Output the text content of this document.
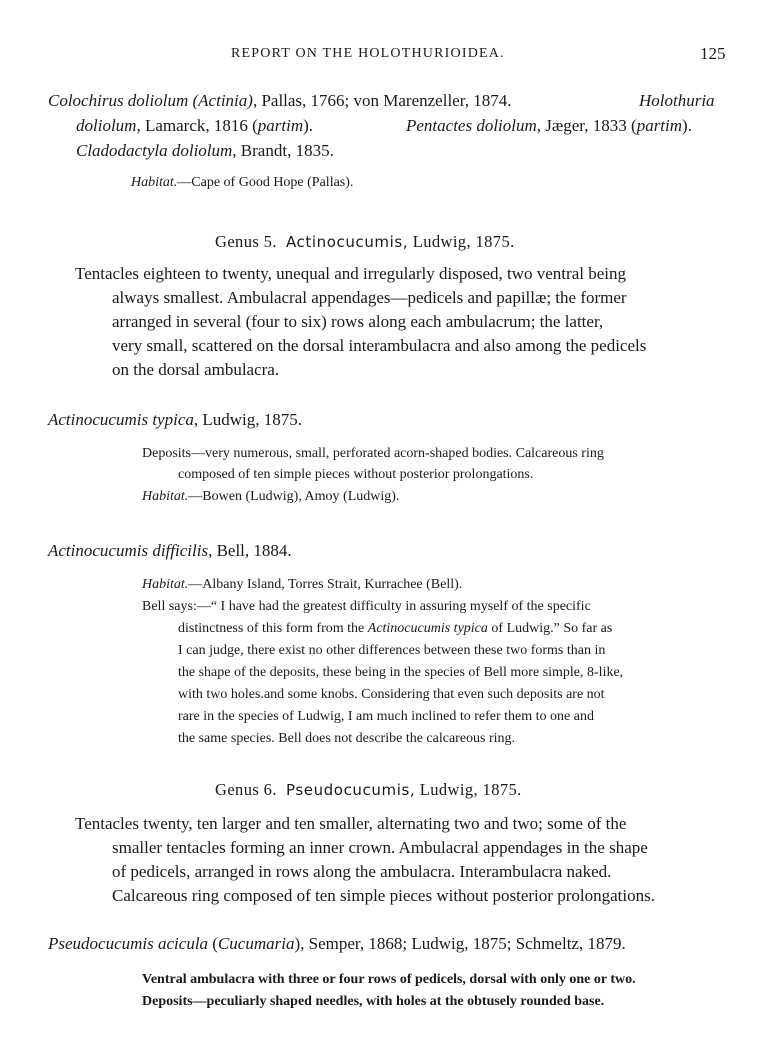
REPORT ON THE HOLOTHURIOIDEA.	125
Colochirus doliolum (Actinia), Pallas, 1766; von Marenzeller, 1874.	Holothuria
doliolum, Lamarck, 1816 (partim).	Pentactes doliolum, Jæger, 1833 (partim).
Cladodactyla doliolum, Brandt, 1835.
Habitat.—Cape of Good Hope (Pallas).
Genus 5. Actinocucumis, Ludwig, 1875.
Tentacles eighteen to twenty, unequal and irregularly disposed, two ventral being
always smallest. Ambulacral appendages—pedicels and papillæ; the former
arranged in several (four to six) rows along each ambulacrum; the latter,
very small, scattered on the dorsal interambulacra and also among the pedicels
on the dorsal ambulacra.
Actinocucumis typica, Ludwig, 1875.
Deposits—very numerous, small, perforated acorn-shaped bodies. Calcareous ring
composed of ten simple pieces without posterior prolongations.
Habitat.—Bowen (Ludwig), Amoy (Ludwig).
Actinocucumis difficilis, Bell, 1884.
Habitat.—Albany Island, Torres Strait, Kurrachee (Bell).
Bell says:—“ I have had the greatest difficulty in assuring myself of the specific
distinctness of this form from the Actinocucumis typica of Ludwig.” So far as
I can judge, there exist no other differences between these two forms than in
the shape of the deposits, these being in the species of Bell more simple, 8-like,
with two holes.and some knobs. Considering that even such deposits are not
rare in the species of Ludwig, I am much inclined to refer them to one and
the same species. Bell does not describe the calcareous ring.
Genus 6. Pseudocucumis, Ludwig, 1875.
Tentacles twenty, ten larger and ten smaller, alternating two and two; some of the
smaller tentacles forming an inner crown. Ambulacral appendages in the shape
of pedicels, arranged in rows along the ambulacra. Interambulacra naked.
Calcareous ring composed of ten simple pieces without posterior prolongations.
Pseudocucumis acicula (Cucumaria), Semper, 1868; Ludwig, 1875; Schmeltz, 1879.
Ventral ambulacra with three or four rows of pedicels, dorsal with only one or two.
Deposits—peculiarly shaped needles, with holes at the obtusely rounded base.
